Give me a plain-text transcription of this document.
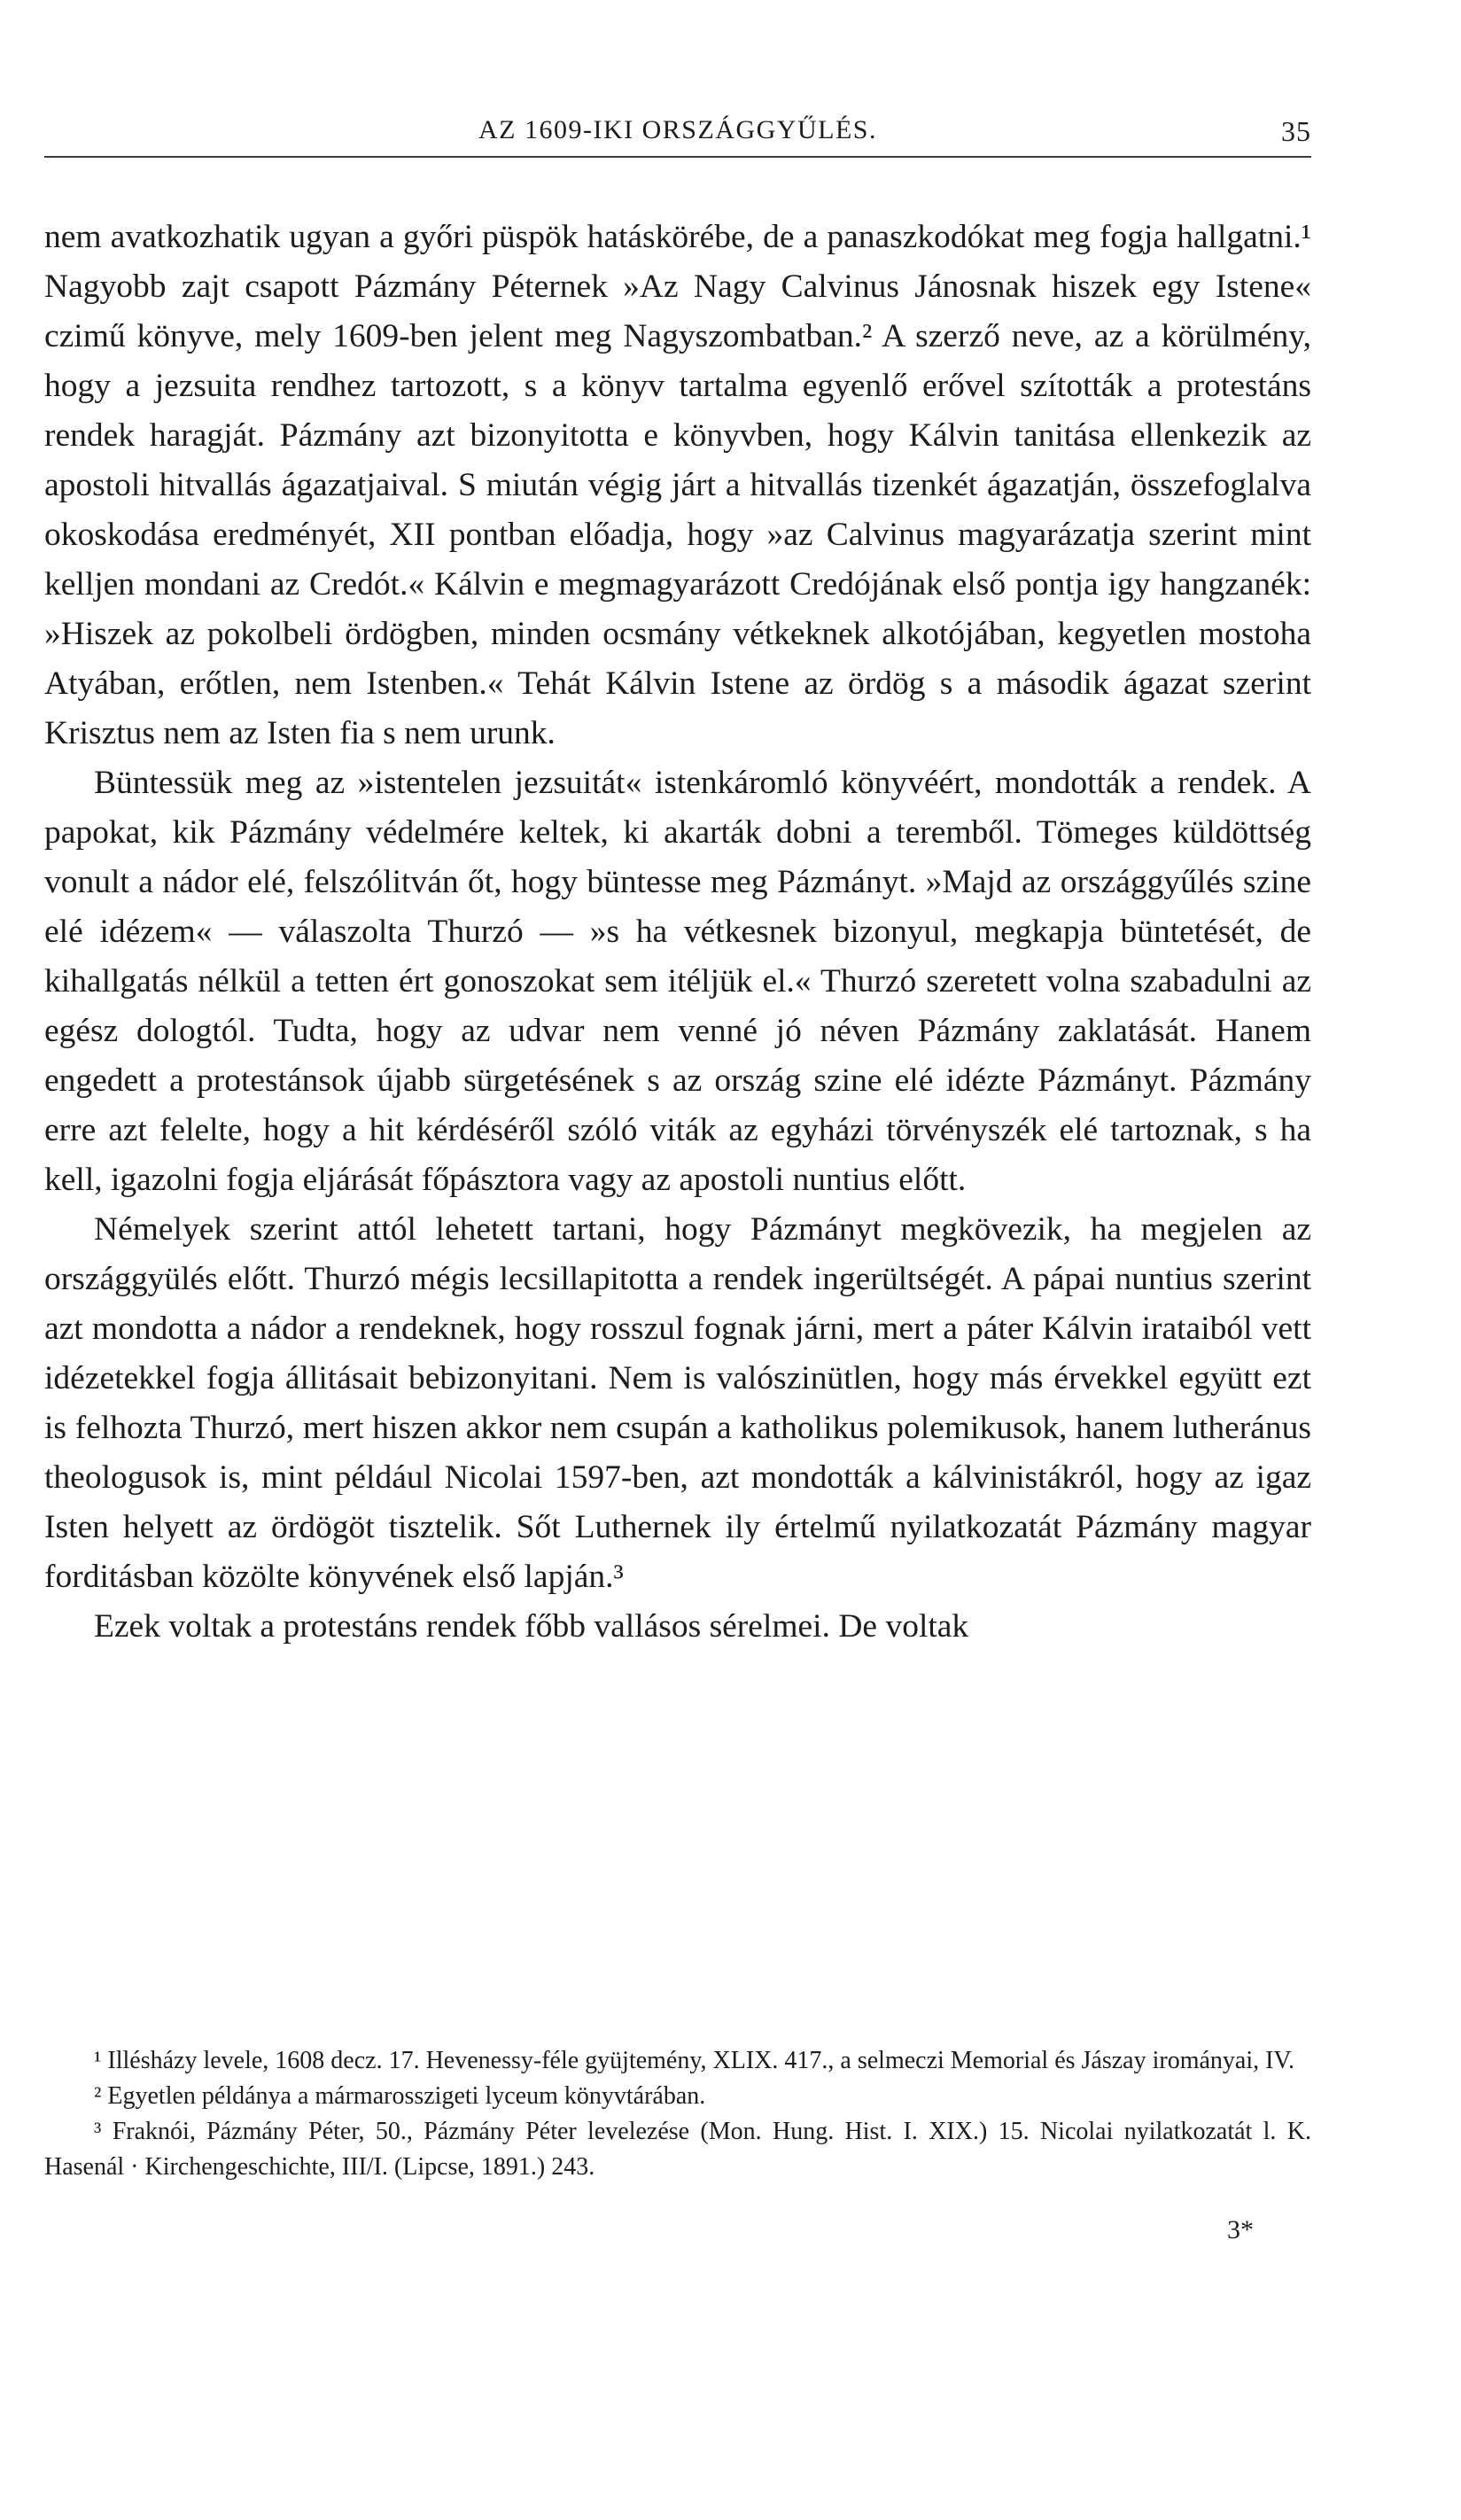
AZ 1609-IKI ORSZÁGGYŰLÉS.	35

nem avatkozhatik ugyan a győri püspök hatáskörébe, de a panaszkodókat meg fogja hallgatni.¹ Nagyobb zajt csapott Pázmány Péternek »Az Nagy Calvinus Jánosnak hiszek egy Istene« czimű könyve, mely 1609-ben jelent meg Nagyszombatban.² A szerző neve, az a körülmény, hogy a jezsuita rendhez tartozott, s a könyv tartalma egyenlő erővel szították a protestáns rendek haragját. Pázmány azt bizonyitotta e könyvben, hogy Kálvin tanitása ellenkezik az apostoli hitvallás ágazatjaival. S miután végig járt a hitvallás tizenkét ágazatján, összefoglalva okoskodása eredményét, XII pontban előadja, hogy »az Calvinus magyarázatja szerint mint kelljen mondani az Credót.« Kálvin e megmagyarázott Credójának első pontja igy hangzanék: »Hiszek az pokolbeli ördögben, minden ocsmány vétkeknek alkotójában, kegyetlen mostoha Atyában, erőtlen, nem Istenben.« Tehát Kálvin Istene az ördög s a második ágazat szerint Krisztus nem az Isten fia s nem urunk.

Büntessük meg az »istentelen jezsuitát« istenkáromló könyvéért, mondották a rendek. A papokat, kik Pázmány védelmére keltek, ki akarták dobni a teremből. Tömeges küldöttség vonult a nádor elé, felszólitván őt, hogy büntesse meg Pázmányt. »Majd az országgyűlés szine elé idézem« — válaszolta Thurzó — »s ha vétkesnek bizonyul, megkapja büntetését, de kihallgatás nélkül a tetten ért gonoszokat sem itéljük el.« Thurzó szeretett volna szabadulni az egész dologtól. Tudta, hogy az udvar nem venné jó néven Pázmány zaklatását. Hanem engedett a protestánsok újabb sürgetésének s az ország szine elé idézte Pázmányt. Pázmány erre azt felelte, hogy a hit kérdéséről szóló viták az egyházi törvényszék elé tartoznak, s ha kell, igazolni fogja eljárását főpásztora vagy az apostoli nuntius előtt.

Némelyek szerint attól lehetett tartani, hogy Pázmányt megkövezik, ha megjelen az országgyülés előtt. Thurzó mégis lecsillapitotta a rendek ingerültségét. A pápai nuntius szerint azt mondotta a nádor a rendeknek, hogy rosszul fognak járni, mert a páter Kálvin irataiból vett idézetekkel fogja állitásait bebizonyitani. Nem is valószinütlen, hogy más érvekkel együtt ezt is felhozta Thurzó, mert hiszen akkor nem csupán a katholikus polemikusok, hanem lutheránus theologusok is, mint például Nicolai 1597-ben, azt mondották a kálvinistákról, hogy az igaz Isten helyett az ördögöt tisztelik. Sőt Luthernek ily értelmű nyilatkozatát Pázmány magyar forditásban közölte könyvének első lapján.³

Ezek voltak a protestáns rendek főbb vallásos sérelmei. De voltak

¹ Illésházy levele, 1608 decz. 17. Hevenessy-féle gyüjtemény, XLIX. 417., a selmeczi Memorial és Jászay irományai, IV.

² Egyetlen példánya a mármarosszigeti lyceum könyvtárában.

³ Fraknói, Pázmány Péter, 50., Pázmány Péter levelezése (Mon. Hung. Hist. I. XIX.) 15. Nicolai nyilatkozatát l. K. Hasenál · Kirchengeschichte, III/I. (Lipcse, 1891.) 243.

3*
